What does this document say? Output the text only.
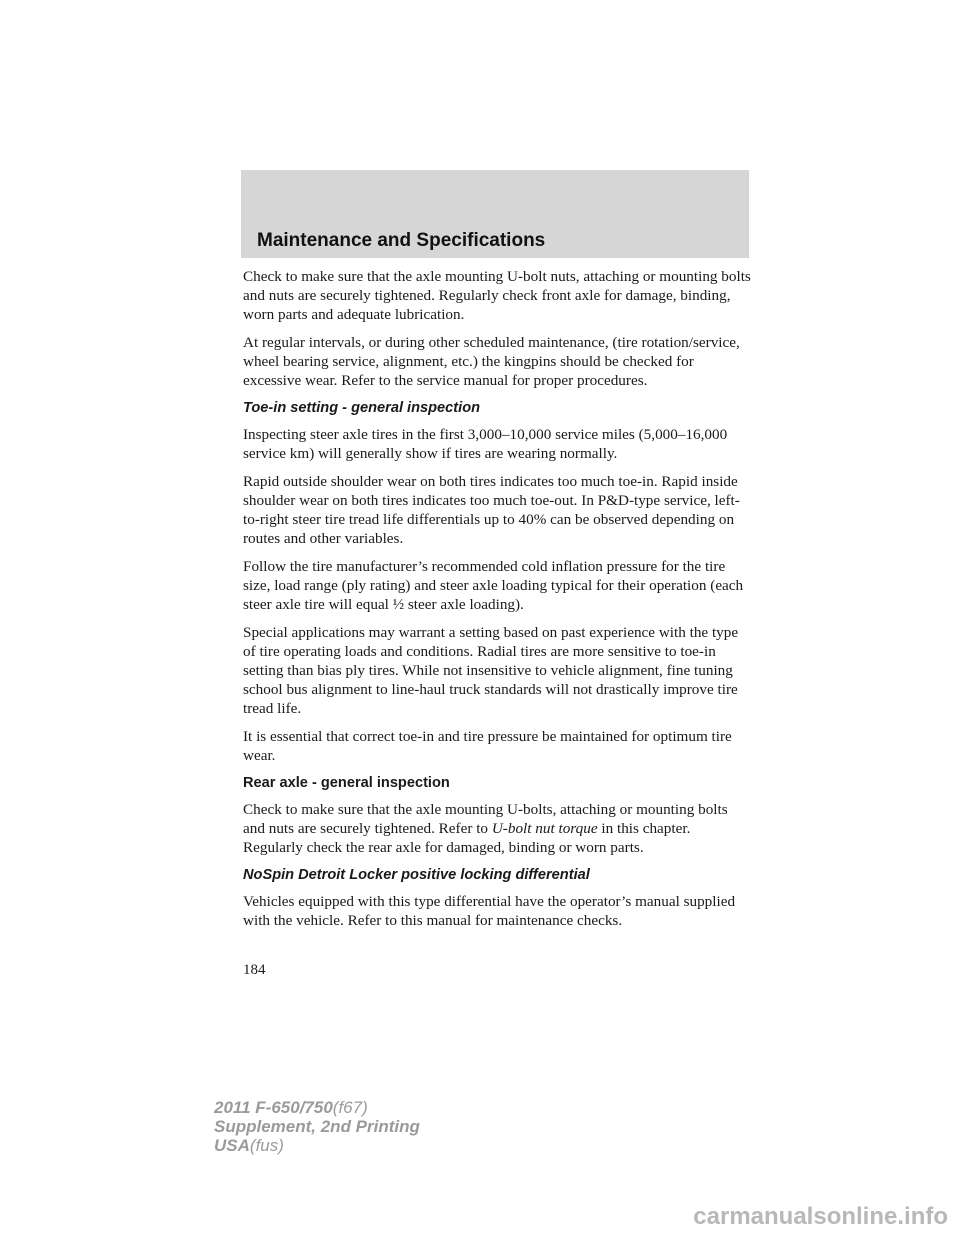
Maintenance and Specifications

Check to make sure that the axle mounting U-bolt nuts, attaching or mounting bolts and nuts are securely tightened. Regularly check front axle for damage, binding, worn parts and adequate lubrication.

At regular intervals, or during other scheduled maintenance, (tire rotation/service, wheel bearing service, alignment, etc.) the kingpins should be checked for excessive wear. Refer to the service manual for proper procedures.

Toe-in setting - general inspection

Inspecting steer axle tires in the first 3,000–10,000 service miles (5,000–16,000 service km) will generally show if tires are wearing normally.

Rapid outside shoulder wear on both tires indicates too much toe-in. Rapid inside shoulder wear on both tires indicates too much toe-out. In P&D-type service, left-to-right steer tire tread life differentials up to 40% can be observed depending on routes and other variables.

Follow the tire manufacturer’s recommended cold inflation pressure for the tire size, load range (ply rating) and steer axle loading typical for their operation (each steer axle tire will equal ½ steer axle loading).

Special applications may warrant a setting based on past experience with the type of tire operating loads and conditions. Radial tires are more sensitive to toe-in setting than bias ply tires. While not insensitive to vehicle alignment, fine tuning school bus alignment to line-haul truck standards will not drastically improve tire tread life.

It is essential that correct toe-in and tire pressure be maintained for optimum tire wear.

Rear axle - general inspection

Check to make sure that the axle mounting U-bolts, attaching or mounting bolts and nuts are securely tightened. Refer to U-bolt nut torque in this chapter. Regularly check the rear axle for damaged, binding or worn parts.

NoSpin Detroit Locker positive locking differential

Vehicles equipped with this type differential have the operator’s manual supplied with the vehicle. Refer to this manual for maintenance checks.

184
2011 F-650/750(f67)
Supplement, 2nd Printing
USA(fus)
carmanualsonline.info
